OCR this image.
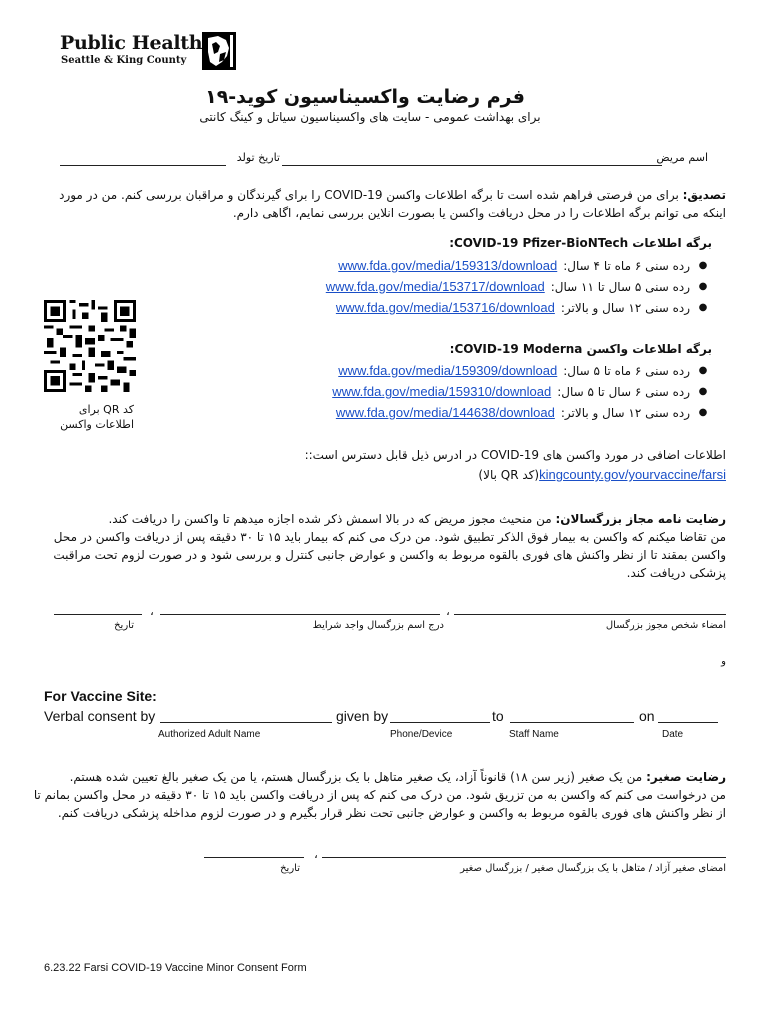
Public Health
Seattle & King County
فرم رضایت واکسیناسیون کوید-۱۹
برای بهداشت عمومی - سایت های واکسیناسیون سیاتل و کینگ کانتی
اسم مریض
تاریخ تولد
تصدیق: برای من فرصتی فراهم شده است تا برگه اطلاعات واکسن COVID-19 را برای گیرندگان و مراقبان بررسی کنم. من در مورد
اینکه می توانم برگه اطلاعات را در محل دریافت واکسن یا بصورت انلاین بررسی نمایم، اگاهی دارم.
برگه اطلاعات COVID-19 Pfizer-BioNTech:
●
رده سنی ۶ ماه تا ۴ سال:
www.fda.gov/media/159313/download
●
رده سنی ۵ سال تا ۱۱ سال:
www.fda.gov/media/153717/download
●
رده سنی ۱۲ سال و بالاتر:
www.fda.gov/media/153716/download
کد QR برای
اطلاعات واکسن
برگه اطلاعات واکسن COVID-19 Moderna:
●
رده سنی ۶ ماه تا ۵ سال:
www.fda.gov/media/159309/download
●
رده سنی ۶ سال تا ۵ سال:
www.fda.gov/media/159310/download
●
رده سنی ۱۲ سال و بالاتر:
www.fda.gov/media/144638/download
اطلاعات اضافی در مورد واکسن های COVID-19 در ادرس ذیل قابل دسترس است::
kingcounty.gov/yourvaccine/farsi(کد QR بالا)
رضایت نامه مجاز بزرگسالان: من منحیث مجوز مریض که در بالا اسمش ذکر شده اجازه میدهم تا واکسن را دریافت کند.
من تقاضا میکنم که واکسن به بیمار فوق الذکر تطبیق شود. من درک می کنم که بیمار باید ۱۵ تا ۳۰ دقیقه پس از دریافت واکسن در محل
واکسن بمقند تا از نظر واکنش های فوری بالقوه مربوط به واکسن و عوارض جانبی کنترل و بررسی شود و در صورت لزوم تحت مراقبت
پزشکی دریافت کند.
،
،
امضاء شخص مجوز بزرگسال
درج اسم بزرگسال واجد شرایط
تاریخ
و
For Vaccine Site:
Verbal consent by	given by	to	on
Authorized Adult Name	Phone/Device	Staff Name	Date
رضایت صغیر: من یک صغیر (زیر سن ۱۸) قانوناً آزاد، یک صغیر متاهل با یک بزرگسال هستم، یا من یک صغیر بالغ تعیین شده هستم.
من درخواست می کنم که واکسن به من تزریق شود. من درک می کنم که پس از دریافت واکسن باید ۱۵ تا ۳۰ دقیقه در محل واکسن بمانم تا
از نظر واکنش های فوری بالقوه مربوط به واکسن و عوارض جانبی تحت نظر قرار بگیرم و در صورت لزوم مداخله پزشکی دریافت کنم.
،
امضای صغیر آزاد / متاهل با یک بزرگسال صغیر / بزرگسال صغیر
تاریخ
6.23.22 Farsi COVID-19 Vaccine Minor Consent Form
